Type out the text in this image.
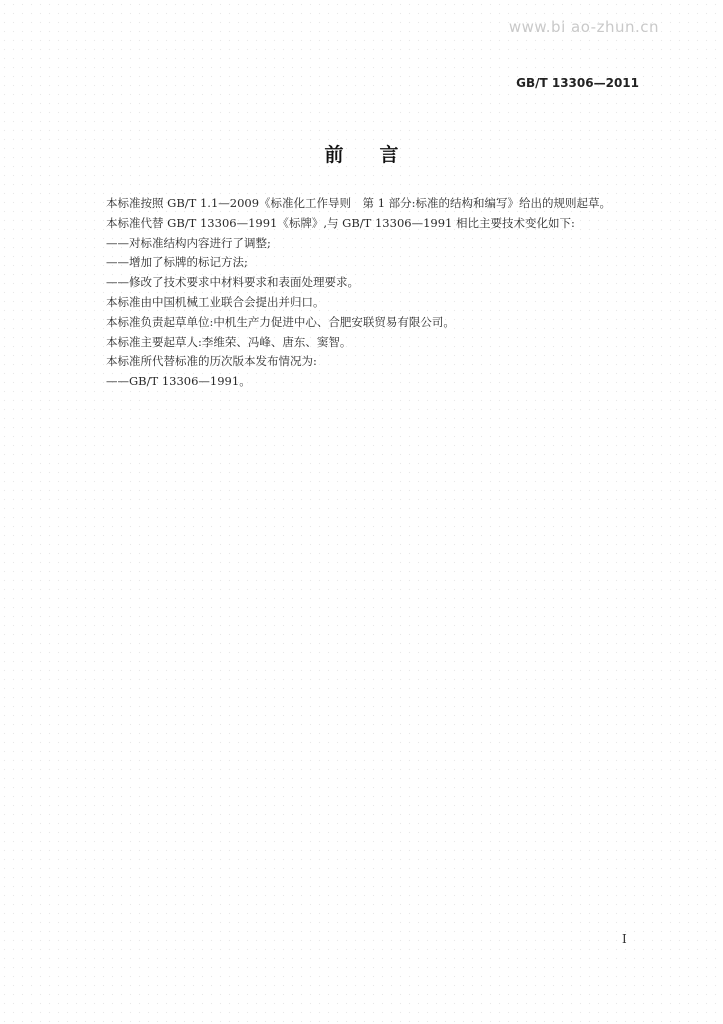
www.bi ao-zhun.cn
GB/T 13306—2011
前言
本标准按照 GB/T 1.1—2009《标准化工作导则　第 1 部分:标准的结构和编写》给出的规则起草。
本标准代替 GB/T 13306—1991《标牌》,与 GB/T 13306—1991 相比主要技术变化如下:
——对标准结构内容进行了调整;
——增加了标牌的标记方法;
——修改了技术要求中材料要求和表面处理要求。
本标准由中国机械工业联合会提出并归口。
本标准负责起草单位:中机生产力促进中心、合肥安联贸易有限公司。
本标准主要起草人:李维荣、冯峰、唐东、窦智。
本标准所代替标准的历次版本发布情况为:
——GB/T 13306—1991。
I
